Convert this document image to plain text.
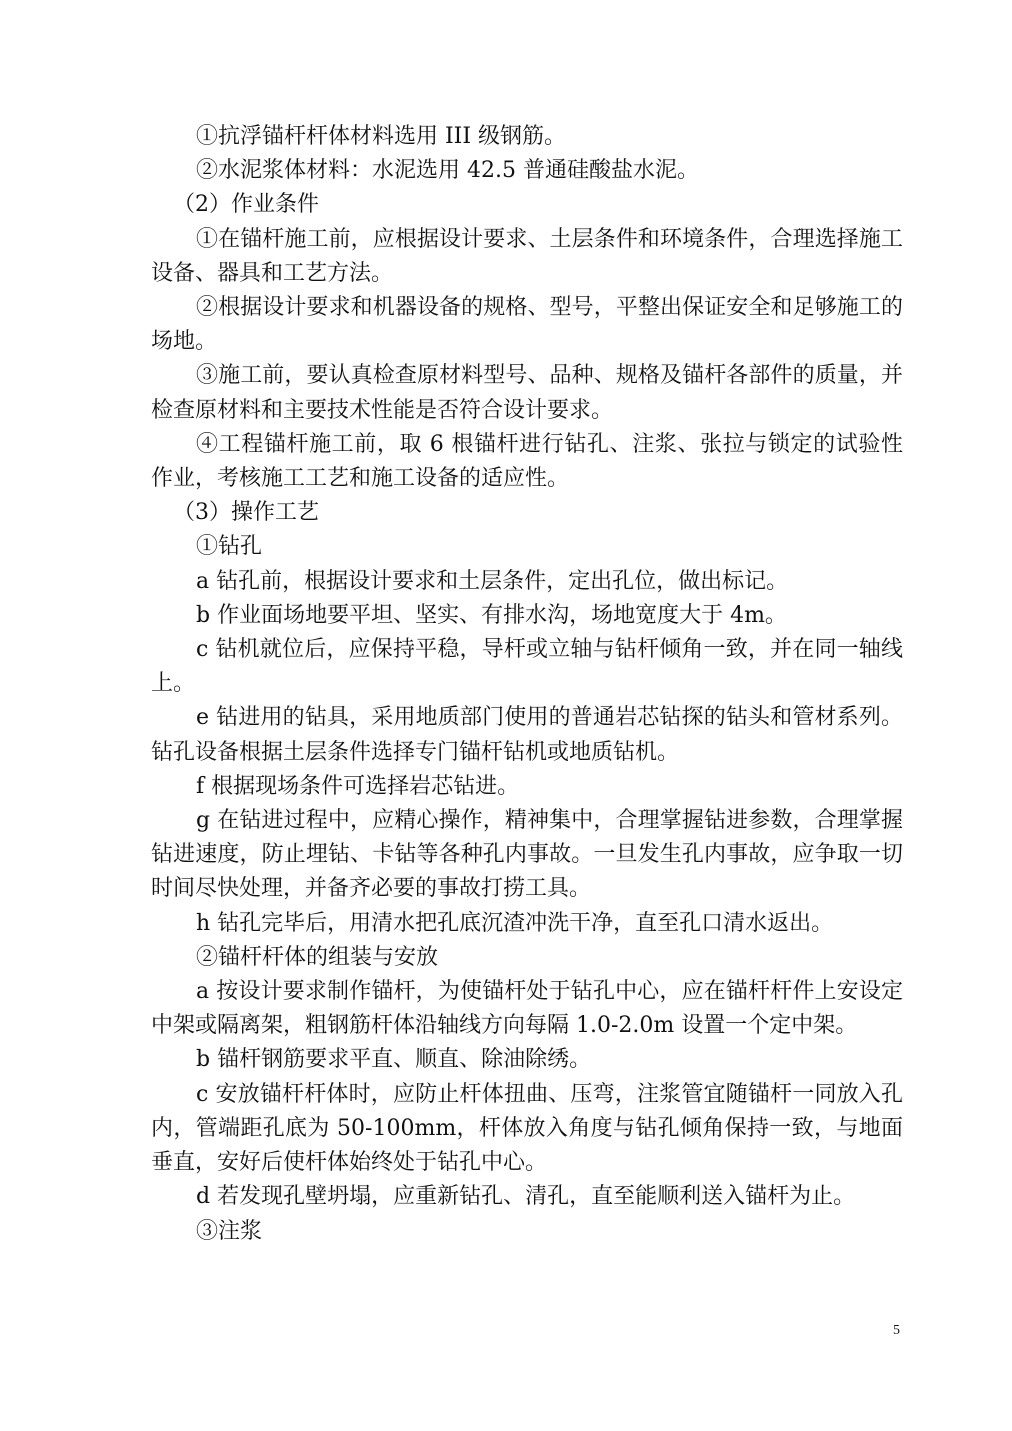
①抗浮锚杆杆体材料选用 III 级钢筋。

②水泥浆体材料：水泥选用 42.5 普通硅酸盐水泥。

（2）作业条件

①在锚杆施工前，应根据设计要求、土层条件和环境条件，合理选择施工设备、器具和工艺方法。

②根据设计要求和机器设备的规格、型号，平整出保证安全和足够施工的场地。

③施工前，要认真检查原材料型号、品种、规格及锚杆各部件的质量，并检查原材料和主要技术性能是否符合设计要求。

④工程锚杆施工前，取 6 根锚杆进行钻孔、注浆、张拉与锁定的试验性作业，考核施工工艺和施工设备的适应性。

（3）操作工艺

①钻孔

a 钻孔前，根据设计要求和土层条件，定出孔位，做出标记。

b 作业面场地要平坦、坚实、有排水沟，场地宽度大于 4m。

c 钻机就位后，应保持平稳，导杆或立轴与钻杆倾角一致，并在同一轴线上。

e 钻进用的钻具，采用地质部门使用的普通岩芯钻探的钻头和管材系列。钻孔设备根据土层条件选择专门锚杆钻机或地质钻机。

f 根据现场条件可选择岩芯钻进。

g 在钻进过程中，应精心操作，精神集中，合理掌握钻进参数，合理掌握钻进速度，防止埋钻、卡钻等各种孔内事故。一旦发生孔内事故，应争取一切时间尽快处理，并备齐必要的事故打捞工具。

h 钻孔完毕后，用清水把孔底沉渣冲洗干净，直至孔口清水返出。

②锚杆杆体的组装与安放

a 按设计要求制作锚杆，为使锚杆处于钻孔中心，应在锚杆杆件上安设定中架或隔离架，粗钢筋杆体沿轴线方向每隔 1.0-2.0m 设置一个定中架。

b 锚杆钢筋要求平直、顺直、除油除绣。

c 安放锚杆杆体时，应防止杆体扭曲、压弯，注浆管宜随锚杆一同放入孔内，管端距孔底为 50-100mm，杆体放入角度与钻孔倾角保持一致，与地面垂直，安好后使杆体始终处于钻孔中心。

d 若发现孔壁坍塌，应重新钻孔、清孔，直至能顺利送入锚杆为止。

③注浆

5
